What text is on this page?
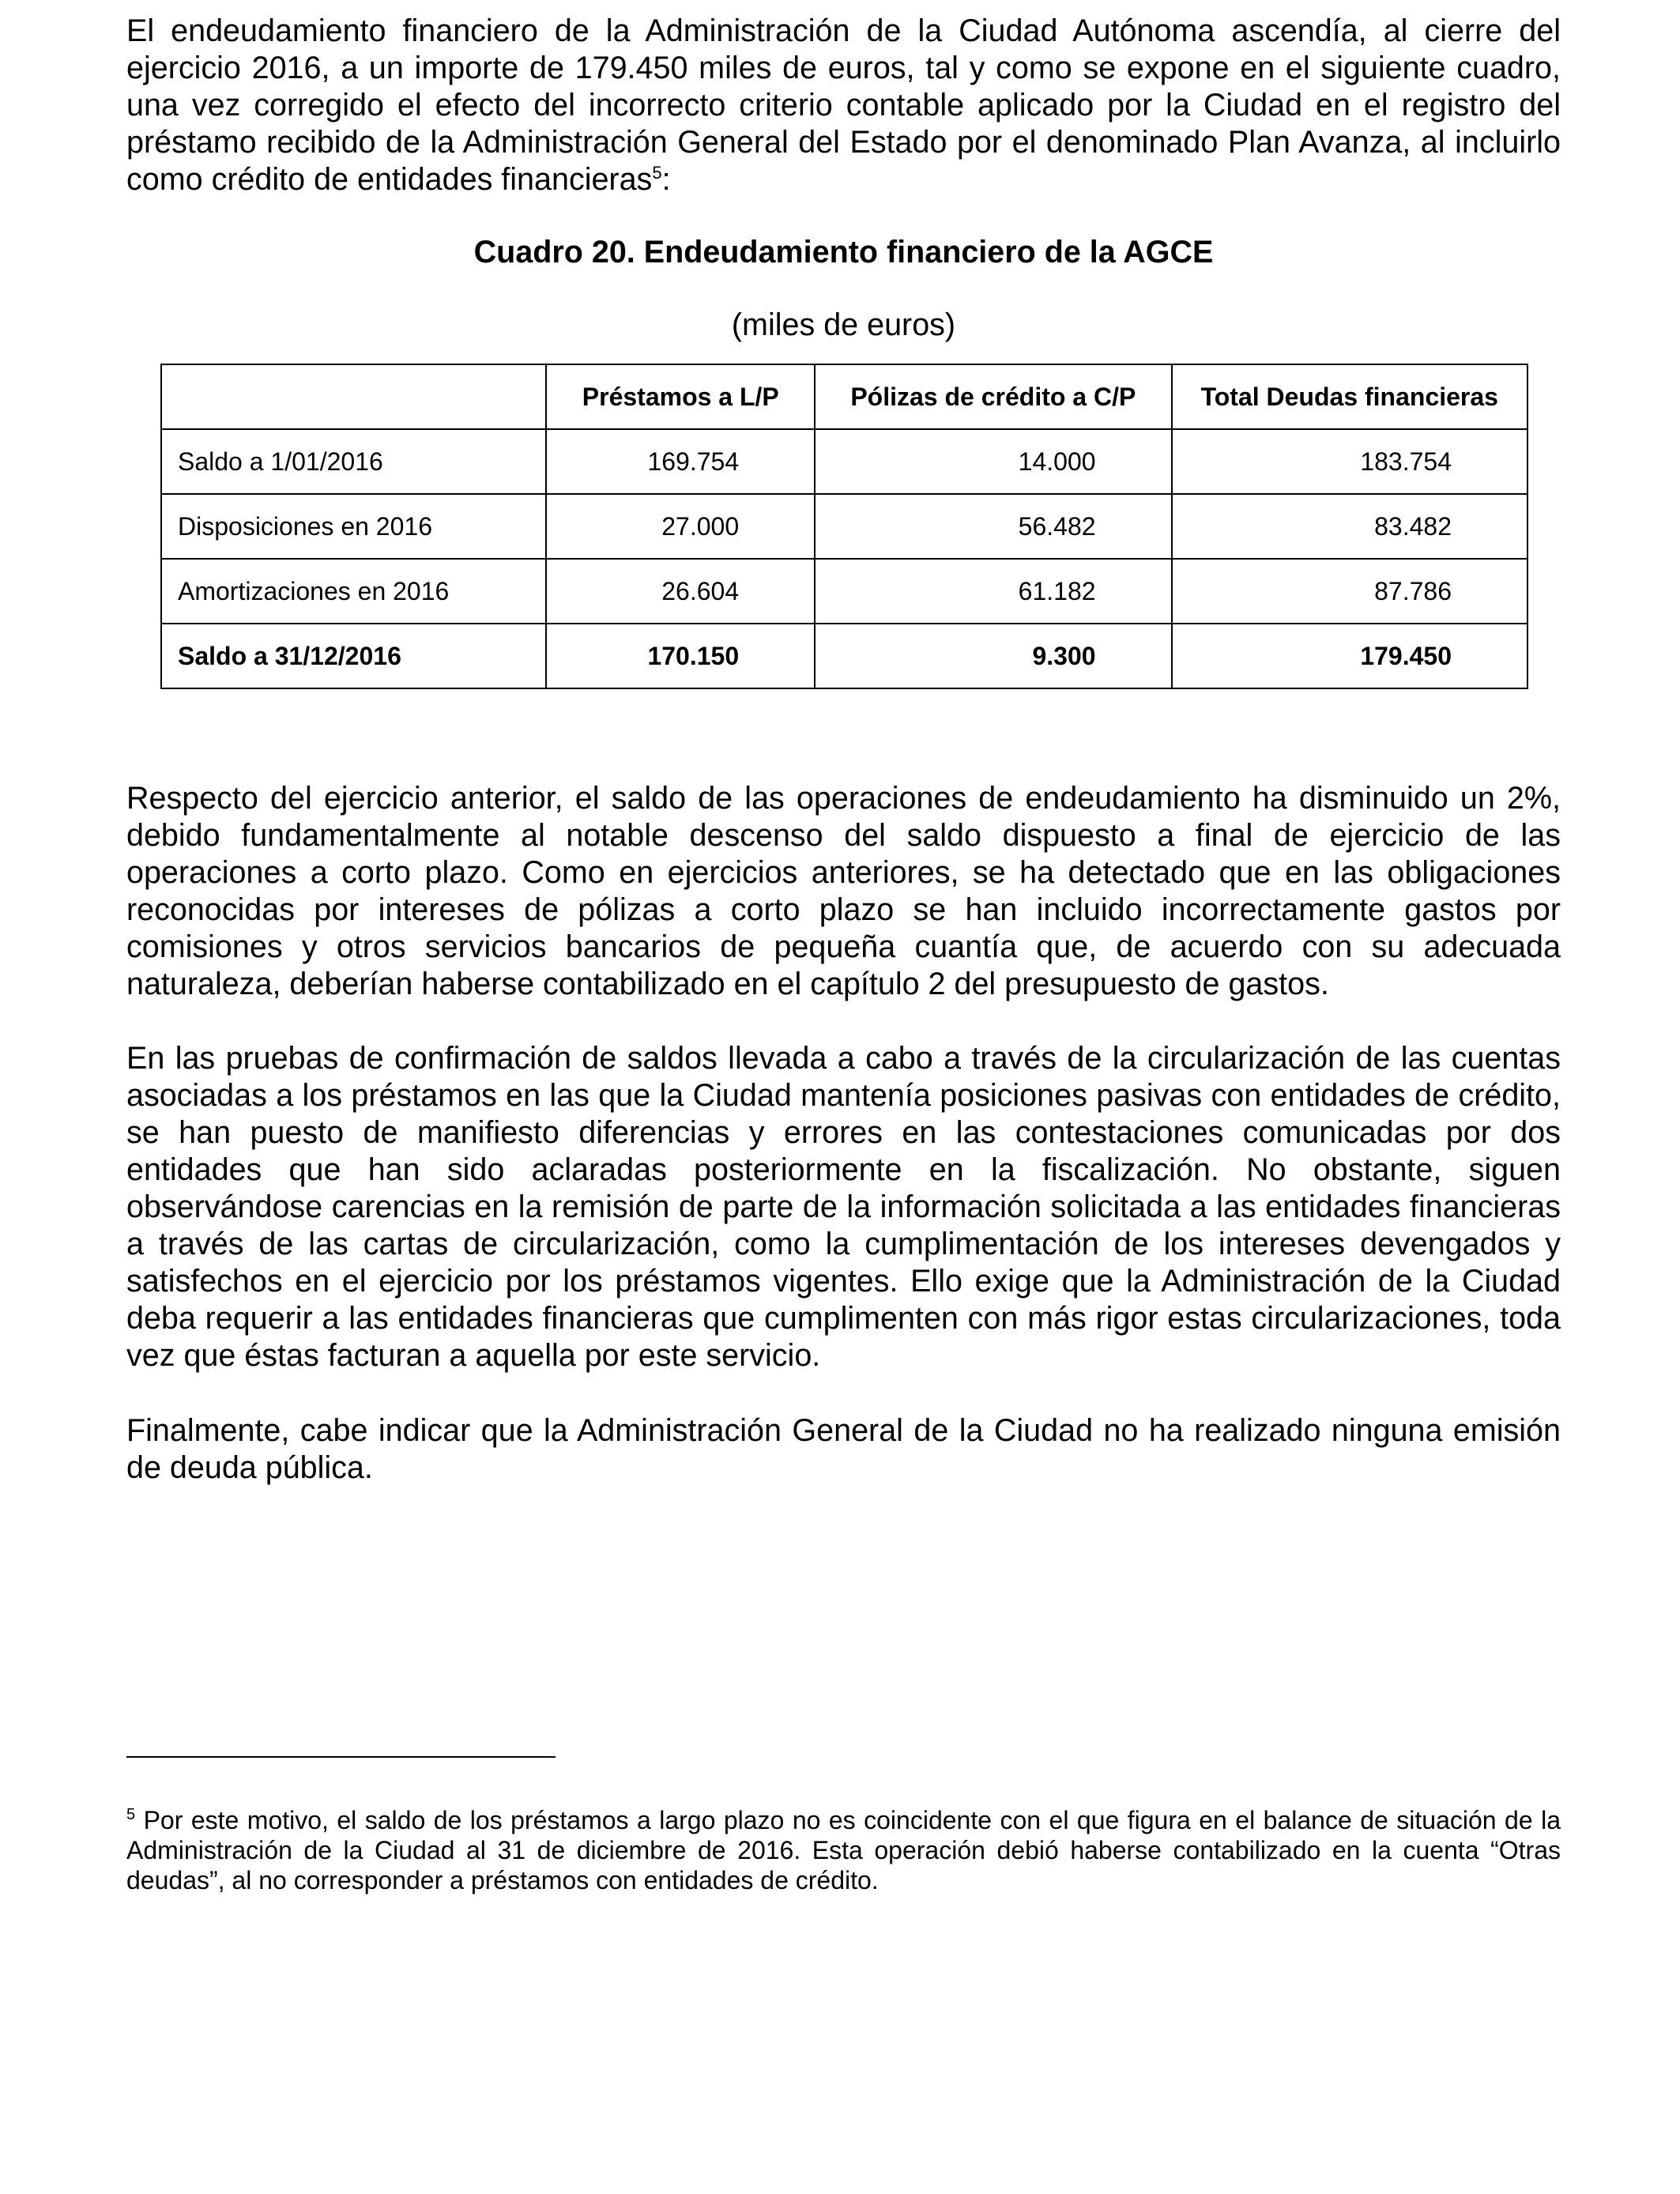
El endeudamiento financiero de la Administración de la Ciudad Autónoma ascendía, al cierre del ejercicio 2016, a un importe de 179.450 miles de euros, tal y como se expone en el siguiente cuadro, una vez corregido el efecto del incorrecto criterio contable aplicado por la Ciudad en el registro del préstamo recibido de la Administración General del Estado por el denominado Plan Avanza, al incluirlo como crédito de entidades financieras$^5$:

Cuadro 20. Endeudamiento financiero de la AGCE

(miles de euros)

	Préstamos a L/P	Pólizas de crédito a C/P	Total Deudas financieras
Saldo a 1/01/2016	169.754	14.000	183.754
Disposiciones en 2016	27.000	56.482	83.482
Amortizaciones en 2016	26.604	61.182	87.786
Saldo a 31/12/2016	170.150	9.300	179.450

Respecto del ejercicio anterior, el saldo de las operaciones de endeudamiento ha disminuido un 2%, debido fundamentalmente al notable descenso del saldo dispuesto a final de ejercicio de las operaciones a corto plazo. Como en ejercicios anteriores, se ha detectado que en las obligaciones reconocidas por intereses de pólizas a corto plazo se han incluido incorrectamente gastos por comisiones y otros servicios bancarios de pequeña cuantía que, de acuerdo con su adecuada naturaleza, deberían haberse contabilizado en el capítulo 2 del presupuesto de gastos.

En las pruebas de confirmación de saldos llevada a cabo a través de la circularización de las cuentas asociadas a los préstamos en las que la Ciudad mantenía posiciones pasivas con entidades de crédito, se han puesto de manifiesto diferencias y errores en las contestaciones comunicadas por dos entidades que han sido aclaradas posteriormente en la fiscalización. No obstante, siguen observándose carencias en la remisión de parte de la información solicitada a las entidades financieras a través de las cartas de circularización, como la cumplimentación de los intereses devengados y satisfechos en el ejercicio por los préstamos vigentes. Ello exige que la Administración de la Ciudad deba requerir a las entidades financieras que cumplimenten con más rigor estas circularizaciones, toda vez que éstas facturan a aquella por este servicio.

Finalmente, cabe indicar que la Administración General de la Ciudad no ha realizado ninguna emisión de deuda pública.

$^5$ Por este motivo, el saldo de los préstamos a largo plazo no es coincidente con el que figura en el balance de situación de la Administración de la Ciudad al 31 de diciembre de 2016. Esta operación debió haberse contabilizado en la cuenta “Otras deudas”, al no corresponder a préstamos con entidades de crédito.
